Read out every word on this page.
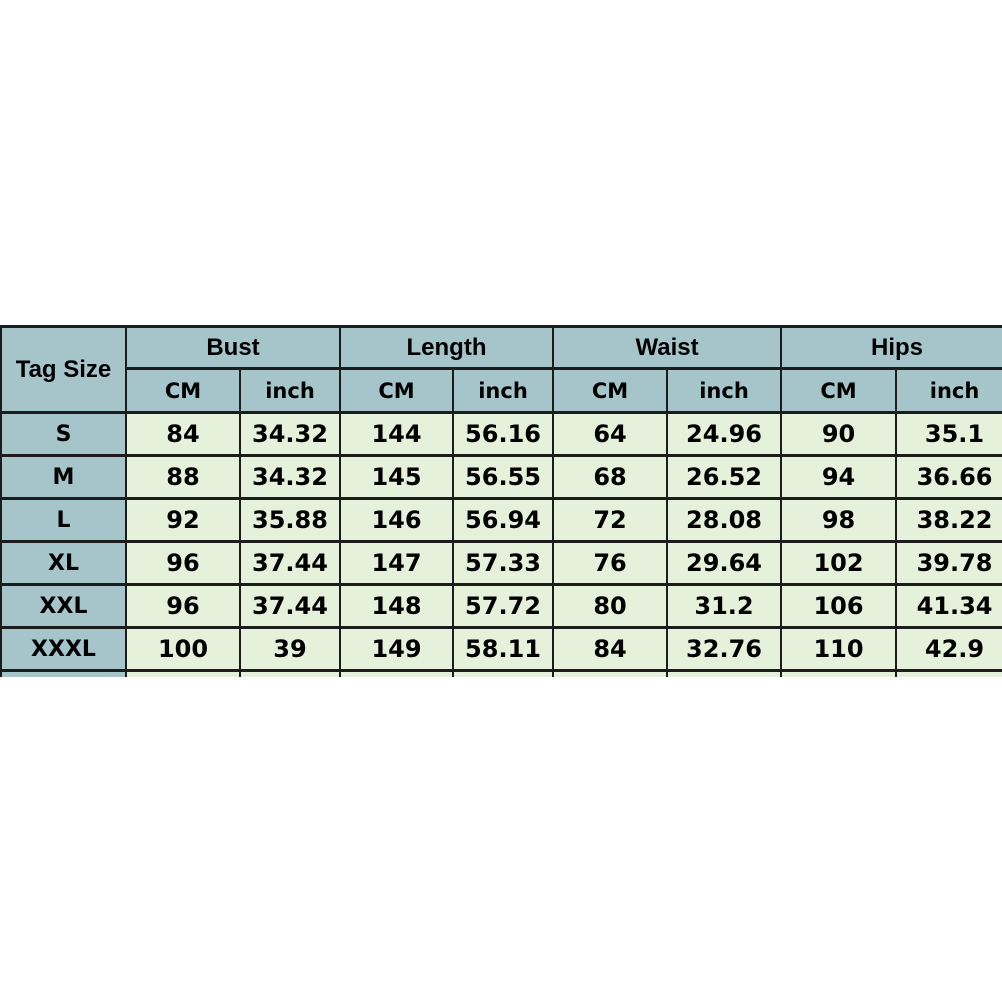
Tag Size	Bust		Length		Waist		Hips	
	CM	inch	CM	inch	CM	inch	CM	inch
S	84	34.32	144	56.16	64	24.96	90	35.1
M	88	34.32	145	56.55	68	26.52	94	36.66
L	92	35.88	146	56.94	72	28.08	98	38.22
XL	96	37.44	147	57.33	76	29.64	102	39.78
XXL	96	37.44	148	57.72	80	31.2	106	41.34
XXXL	100	39	149	58.11	84	32.76	110	42.9
